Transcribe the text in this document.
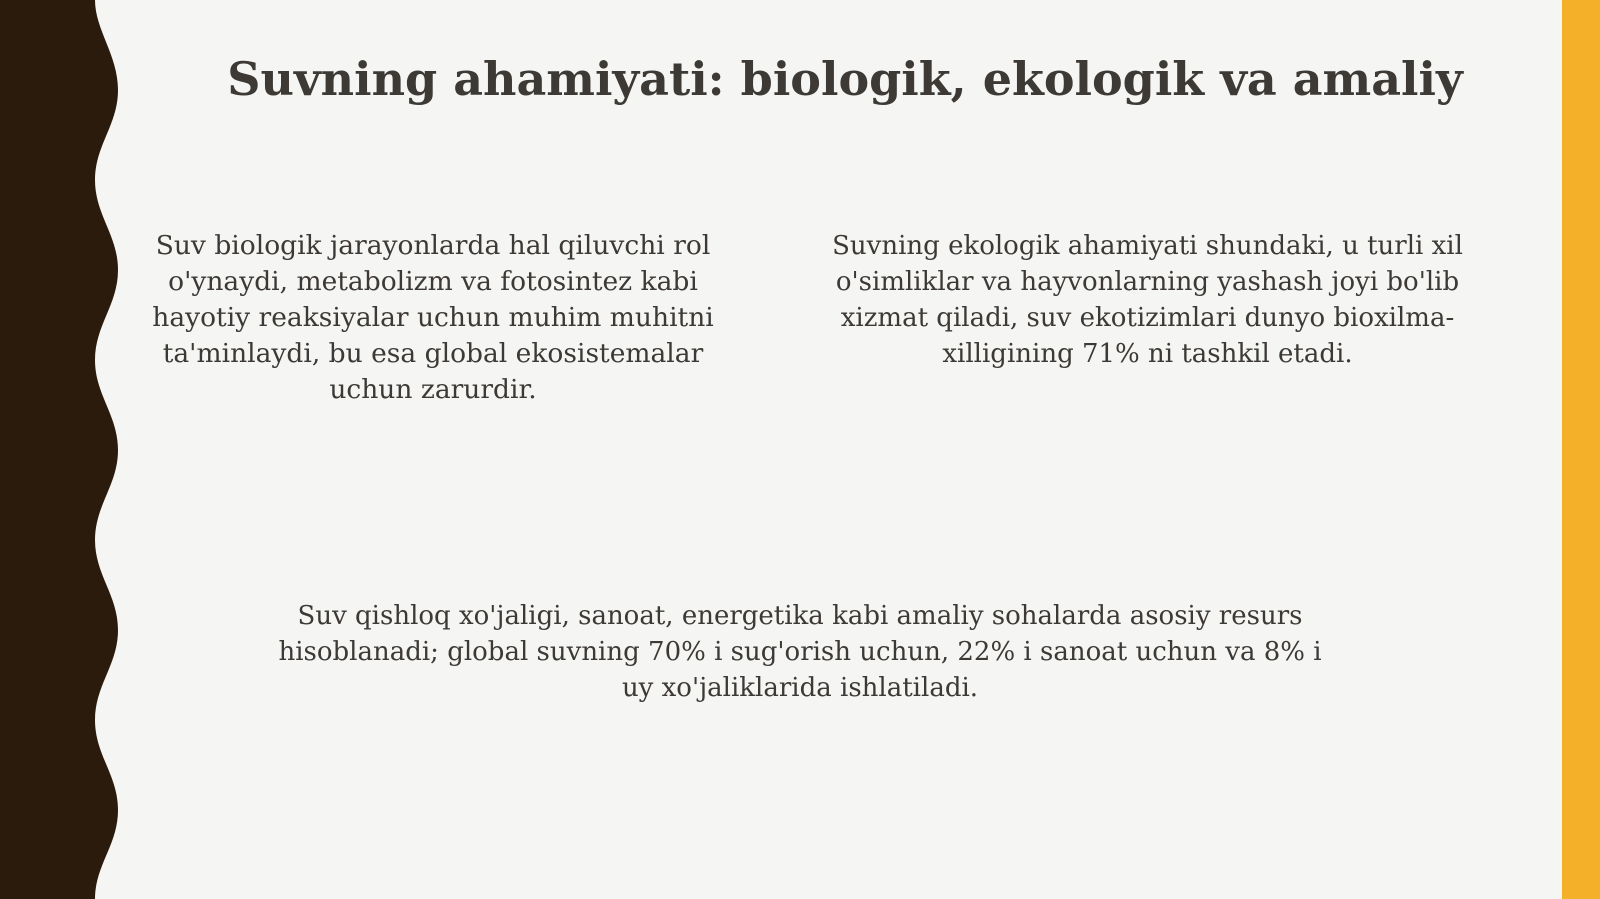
Suvning ahamiyati: biologik, ekologik va amaliy

Suv biologik jarayonlarda hal qiluvchi rol o'ynaydi, metabolizm va fotosintez kabi hayotiy reaksiyalar uchun muhim muhitni ta'minlaydi, bu esa global ekosistemalar uchun zarurdir.

Suvning ekologik ahamiyati shundaki, u turli xil o'simliklar va hayvonlarning yashash joyi bo'lib xizmat qiladi, suv ekotizimlari dunyo bioxilma-xilligining 71% ni tashkil etadi.

Suv qishloq xo'jaligi, sanoat, energetika kabi amaliy sohalarda asosiy resurs hisoblanadi; global suvning 70% i sug'orish uchun, 22% i sanoat uchun va 8% i uy xo'jaliklarida ishlatiladi.
